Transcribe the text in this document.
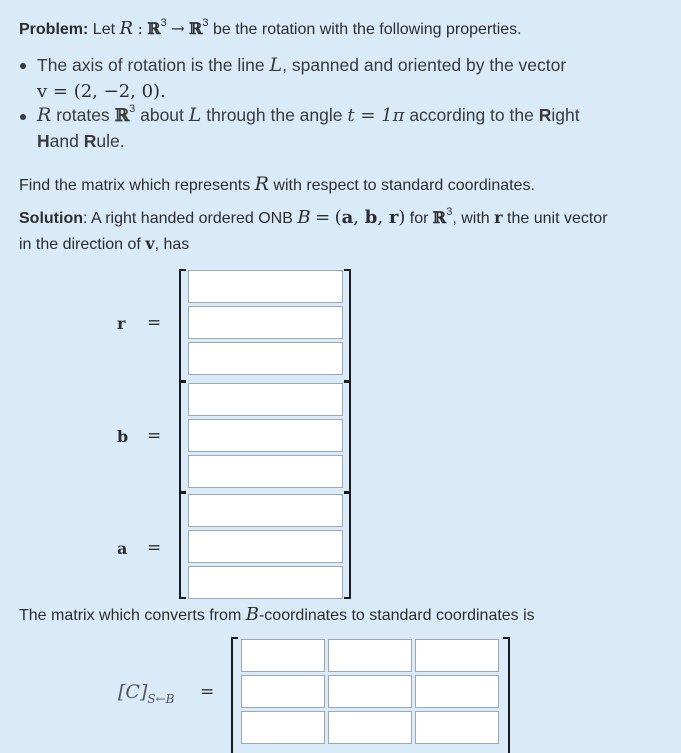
Problem: Let R : ℝ$^3$ → ℝ$^3$ be the rotation with the following properties.
The axis of rotation is the line L, spanned and oriented by the vector
v = (2, −2, 0).
R rotates ℝ$^3$ about L through the angle t = 1π according to the Right
Hand Rule.
Find the matrix which represents R with respect to standard coordinates.
Solution: A right handed ordered ONB B = (a, b, r) for ℝ$^3$, with r the unit vector
in the direction of v, has
r =
b =
a =
The matrix which converts from B-coordinates to standard coordinates is
$[C]_{S\leftarrow B}$ =
